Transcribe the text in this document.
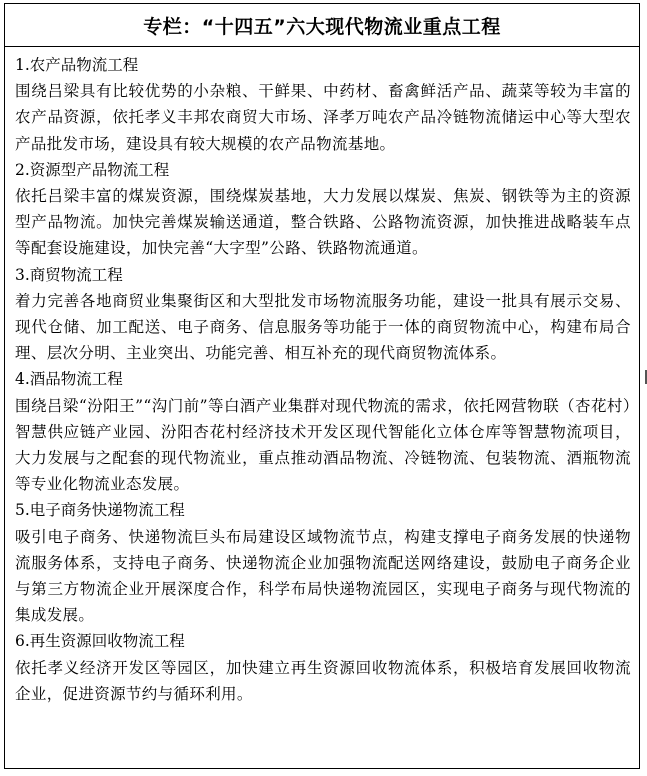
专栏：“十四五”六大现代物流业重点工程
1.农产品物流工程
围绕吕梁具有比较优势的小杂粮、干鲜果、中药材、畜禽鲜活产品、蔬菜等较为丰富的农产品资源，依托孝义丰邦农商贸大市场、泽孝万吨农产品冷链物流储运中心等大型农产品批发市场，建设具有较大规模的农产品物流基地。
2.资源型产品物流工程
依托吕梁丰富的煤炭资源，围绕煤炭基地，大力发展以煤炭、焦炭、钢铁等为主的资源型产品物流。加快完善煤炭输送通道，整合铁路、公路物流资源，加快推进战略装车点等配套设施建设，加快完善“大字型”公路、铁路物流通道。
3.商贸物流工程
着力完善各地商贸业集聚街区和大型批发市场物流服务功能，建设一批具有展示交易、现代仓储、加工配送、电子商务、信息服务等功能于一体的商贸物流中心，构建布局合理、层次分明、主业突出、功能完善、相互补充的现代商贸物流体系。
4.酒品物流工程
围绕吕梁“汾阳王”“沟门前”等白酒产业集群对现代物流的需求，依托网营物联（杏花村）智慧供应链产业园、汾阳杏花村经济技术开发区现代智能化立体仓库等智慧物流项目，大力发展与之配套的现代物流业，重点推动酒品物流、冷链物流、包装物流、酒瓶物流等专业化物流业态发展。
5.电子商务快递物流工程
吸引电子商务、快递物流巨头布局建设区域物流节点，构建支撑电子商务发展的快递物流服务体系，支持电子商务、快递物流企业加强物流配送网络建设，鼓励电子商务企业与第三方物流企业开展深度合作，科学布局快递物流园区，实现电子商务与现代物流的集成发展。
6.再生资源回收物流工程
依托孝义经济开发区等园区，加快建立再生资源回收物流体系，积极培育发展回收物流企业，促进资源节约与循环利用。
